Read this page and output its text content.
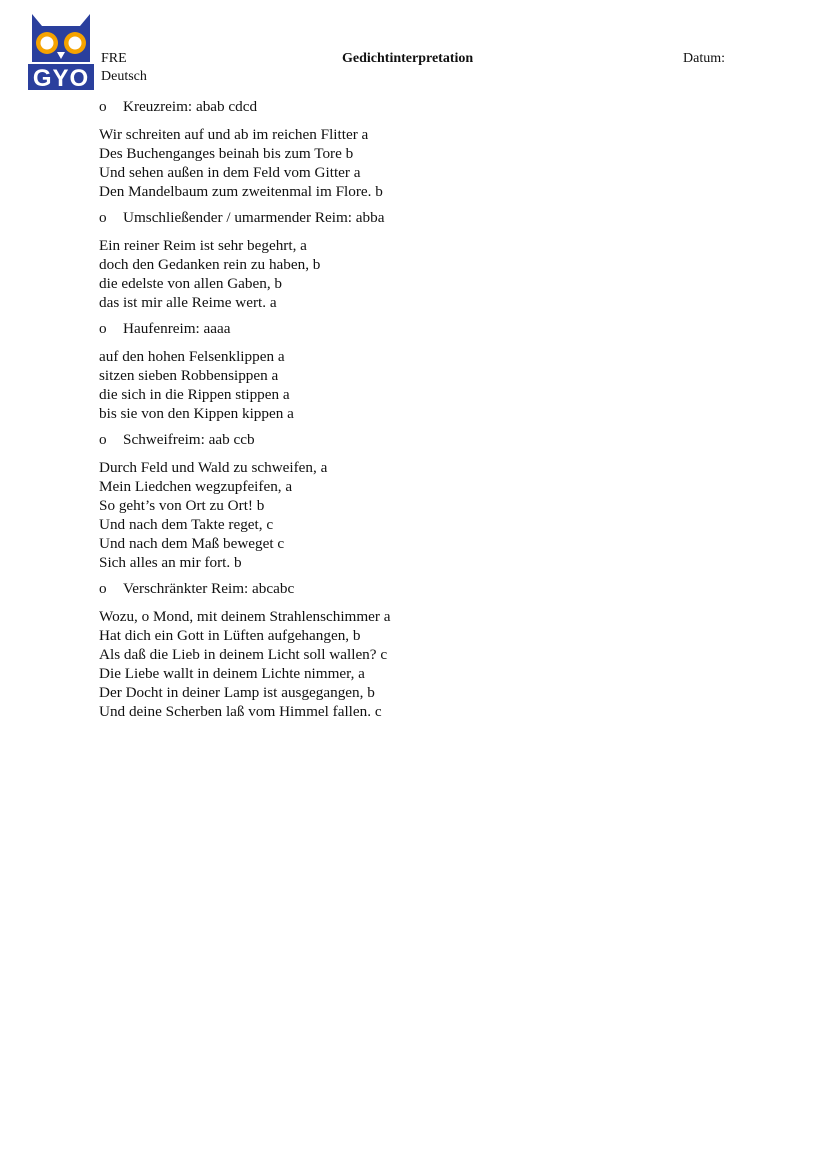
GYO
FRE
Deutsch
Gedichtinterpretation	Datum:
o Kreuzreim: abab cdcd
Wir schreiten auf und ab im reichen Flitter a
Des Buchenganges beinah bis zum Tore b
Und sehen außen in dem Feld vom Gitter a
Den Mandelbaum zum zweitenmal im Flore. b
o Umschließender / umarmender Reim: abba
Ein reiner Reim ist sehr begehrt, a
doch den Gedanken rein zu haben, b
die edelste von allen Gaben, b
das ist mir alle Reime wert. a
o Haufenreim: aaaa
auf den hohen Felsenklippen a
sitzen sieben Robbensippen a
die sich in die Rippen stippen a
bis sie von den Kippen kippen a
o Schweifreim: aab ccb
Durch Feld und Wald zu schweifen, a
Mein Liedchen wegzupfeifen, a
So geht’s von Ort zu Ort! b
Und nach dem Takte reget, c
Und nach dem Maß beweget c
Sich alles an mir fort. b
o Verschränkter Reim: abcabc
Wozu, o Mond, mit deinem Strahlenschimmer a
Hat dich ein Gott in Lüften aufgehangen, b
Als daß die Lieb in deinem Licht soll wallen? c
Die Liebe wallt in deinem Lichte nimmer, a
Der Docht in deiner Lamp ist ausgegangen, b
Und deine Scherben laß vom Himmel fallen. c
